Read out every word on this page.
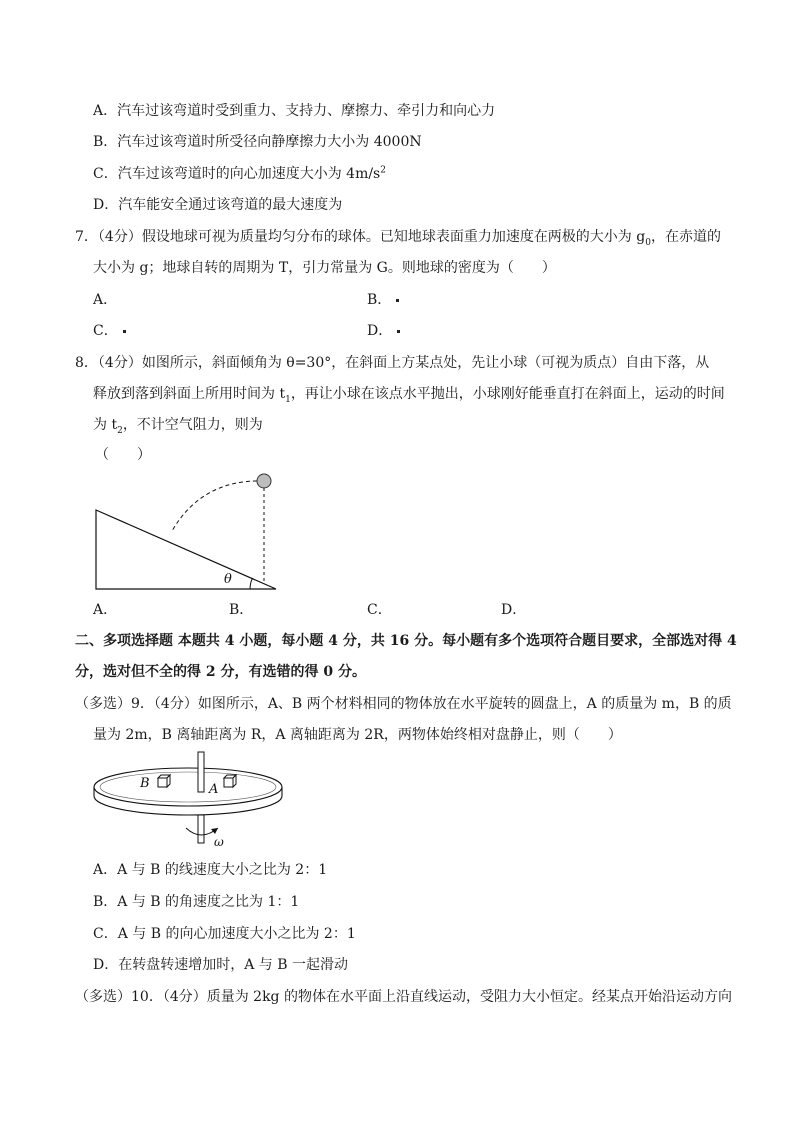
A．汽车过该弯道时受到重力、支持力、摩擦力、牵引力和向心力
B．汽车过该弯道时所受径向静摩擦力大小为 4000N
C．汽车过该弯道时的向心加速度大小为 $4m/s^2$
D．汽车能安全通过该弯道的最大速度为
7．（4分）假设地球可视为质量均匀分布的球体。已知地球表面重力加速度在两极的大小为 $g_0$，在赤道的
大小为 g；地球自转的周期为 T，引力常量为 G。则地球的密度为（　　）
A．	B．
C．	D．
8．（4分）如图所示，斜面倾角为 θ=30°，在斜面上方某点处，先让小球（可视为质点）自由下落，从
释放到落到斜面上所用时间为 $t_1$，再让小球在该点水平抛出，小球刚好能垂直打在斜面上，运动的时间
为 $t_2$，不计空气阻力，则为
（　　）
θ
A．	B．	C．	D．
二、多项选择题 本题共 4 小题，每小题 4 分，共 16 分。每小题有多个选项符合题目要求，全部选对得 4
分，选对但不全的得 2 分，有选错的得 0 分。
（多选）9．（4分）如图所示，A、B 两个材料相同的物体放在水平旋转的圆盘上，A 的质量为 m，B 的质
量为 2m，B 离轴距离为 R，A 离轴距离为 2R，两物体始终相对盘静止，则（　　）
B	A
ω
A．A 与 B 的线速度大小之比为 2：1
B．A 与 B 的角速度之比为 1：1
C．A 与 B 的向心加速度大小之比为 2：1
D．在转盘转速增加时，A 与 B 一起滑动
（多选）10．（4分）质量为 2kg 的物体在水平面上沿直线运动，受阻力大小恒定。经某点开始沿运动方向
